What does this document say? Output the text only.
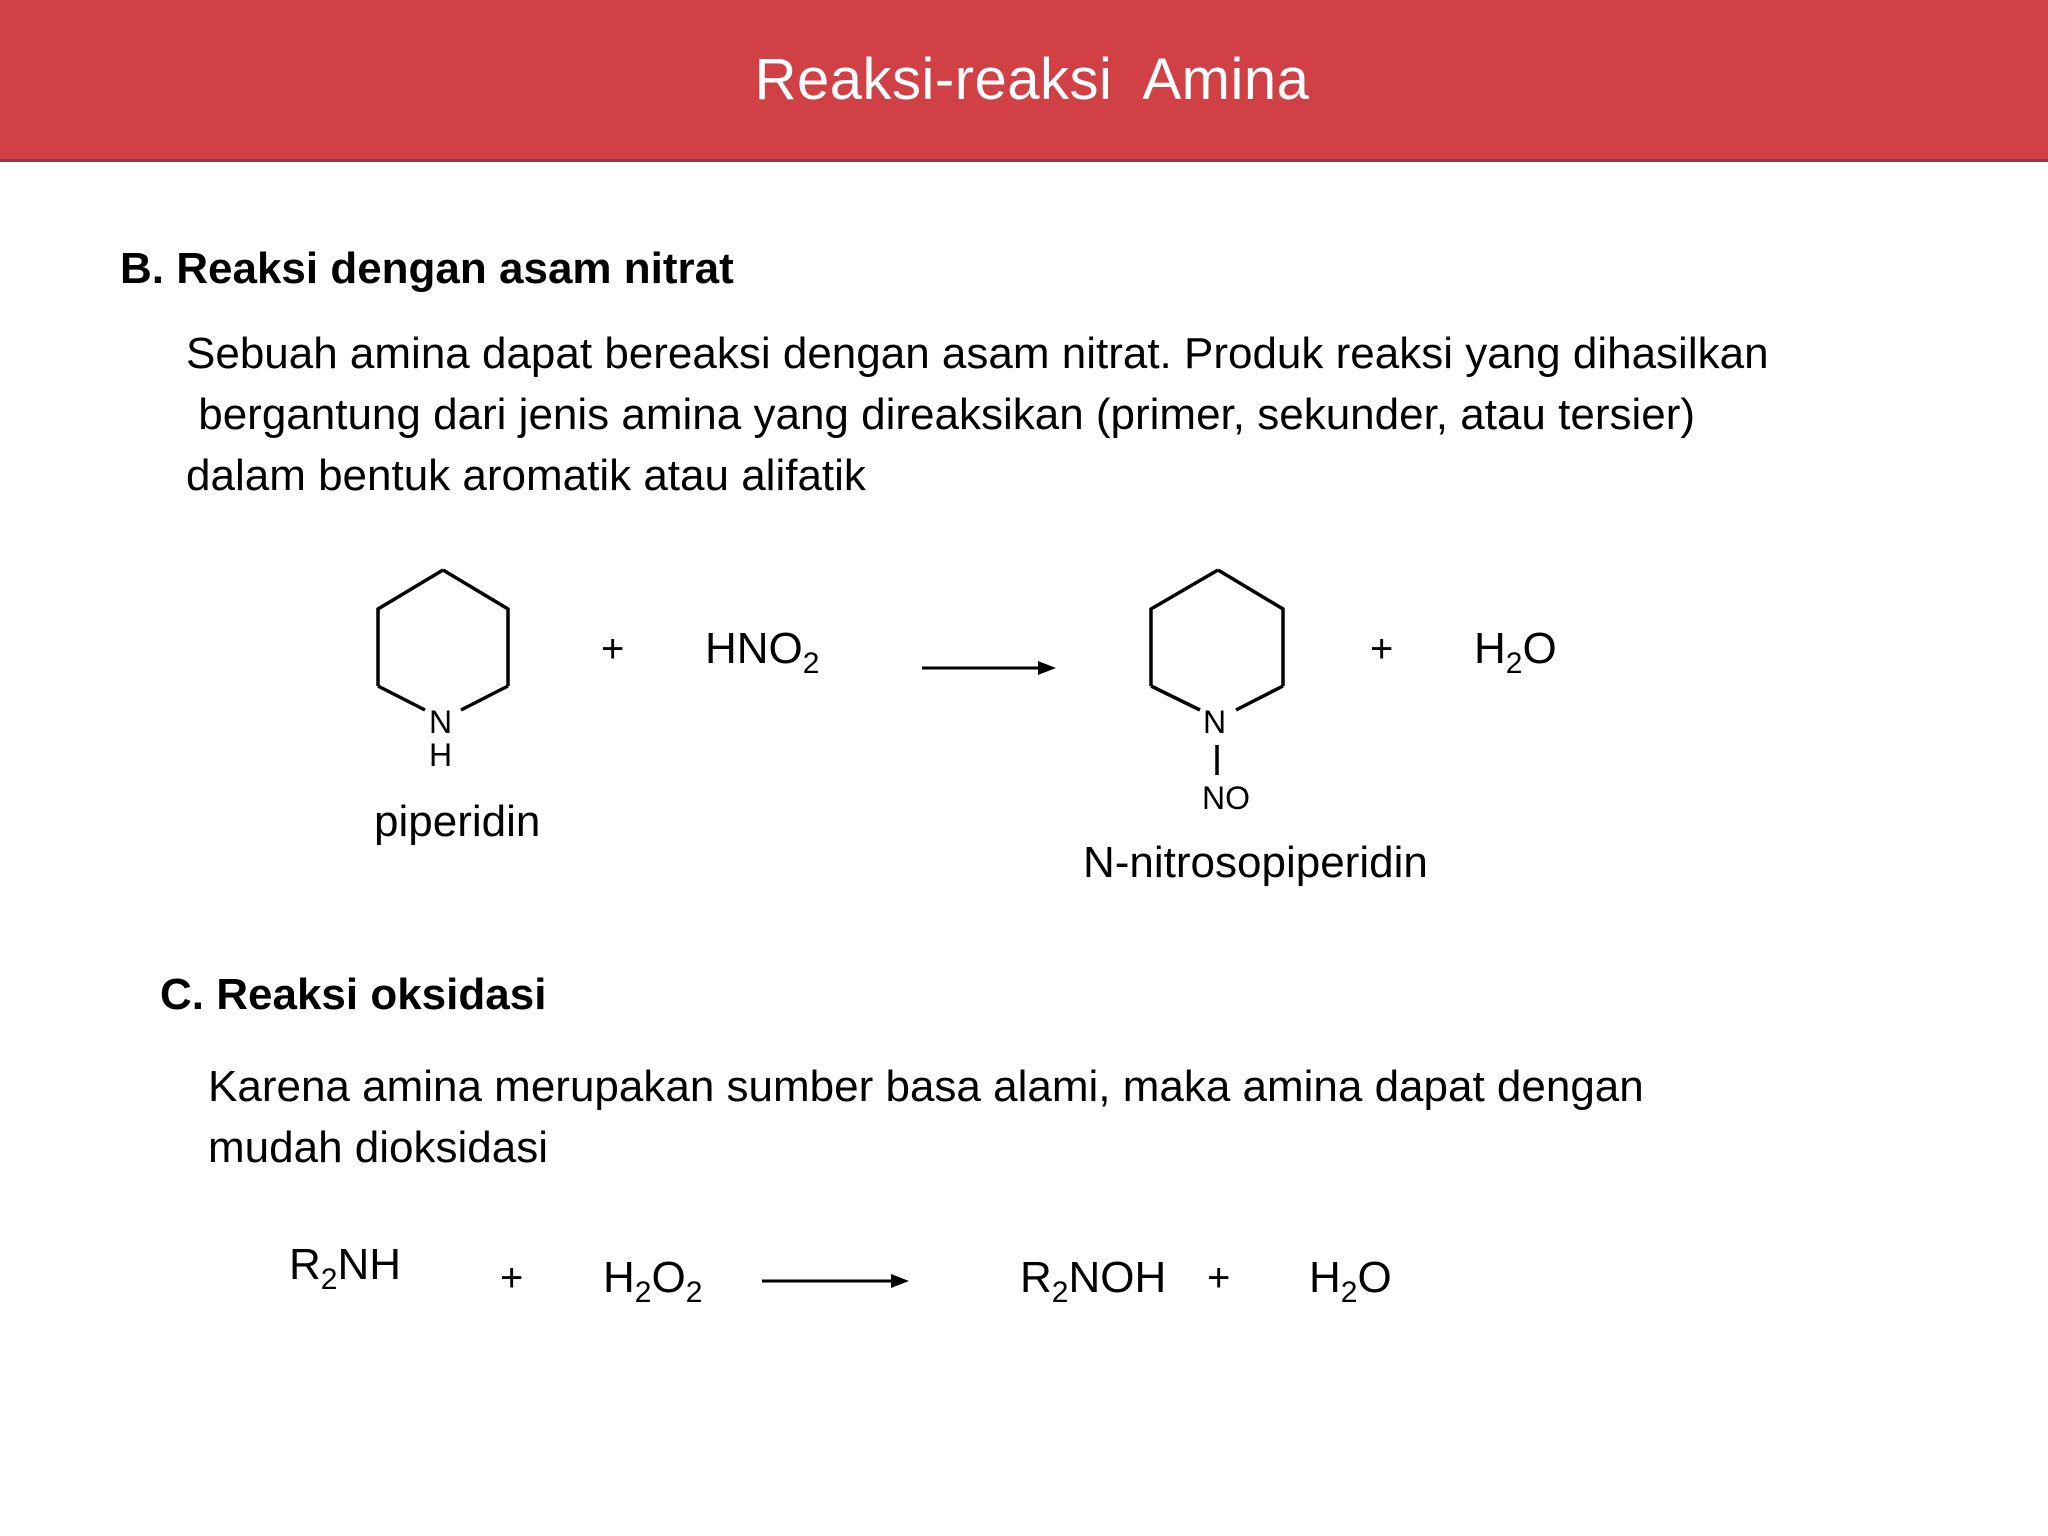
Reaksi-reaksi  Amina
B. Reaksi dengan asam nitrat
Sebuah amina dapat bereaksi dengan asam nitrat. Produk reaksi yang dihasilkan
bergantung dari jenis amina yang direaksikan (primer, sekunder, atau tersier)
dalam bentuk aromatik atau alifatik
N
H
piperidin
+ $HNO_2$
N
NO
N-nitrosopiperidin
+ $H_2O$
C. Reaksi oksidasi
Karena amina merupakan sumber basa alami, maka amina dapat dengan
mudah dioksidasi
$R_2NH + H_2O_2$	$R_2NOH + H_2O$
